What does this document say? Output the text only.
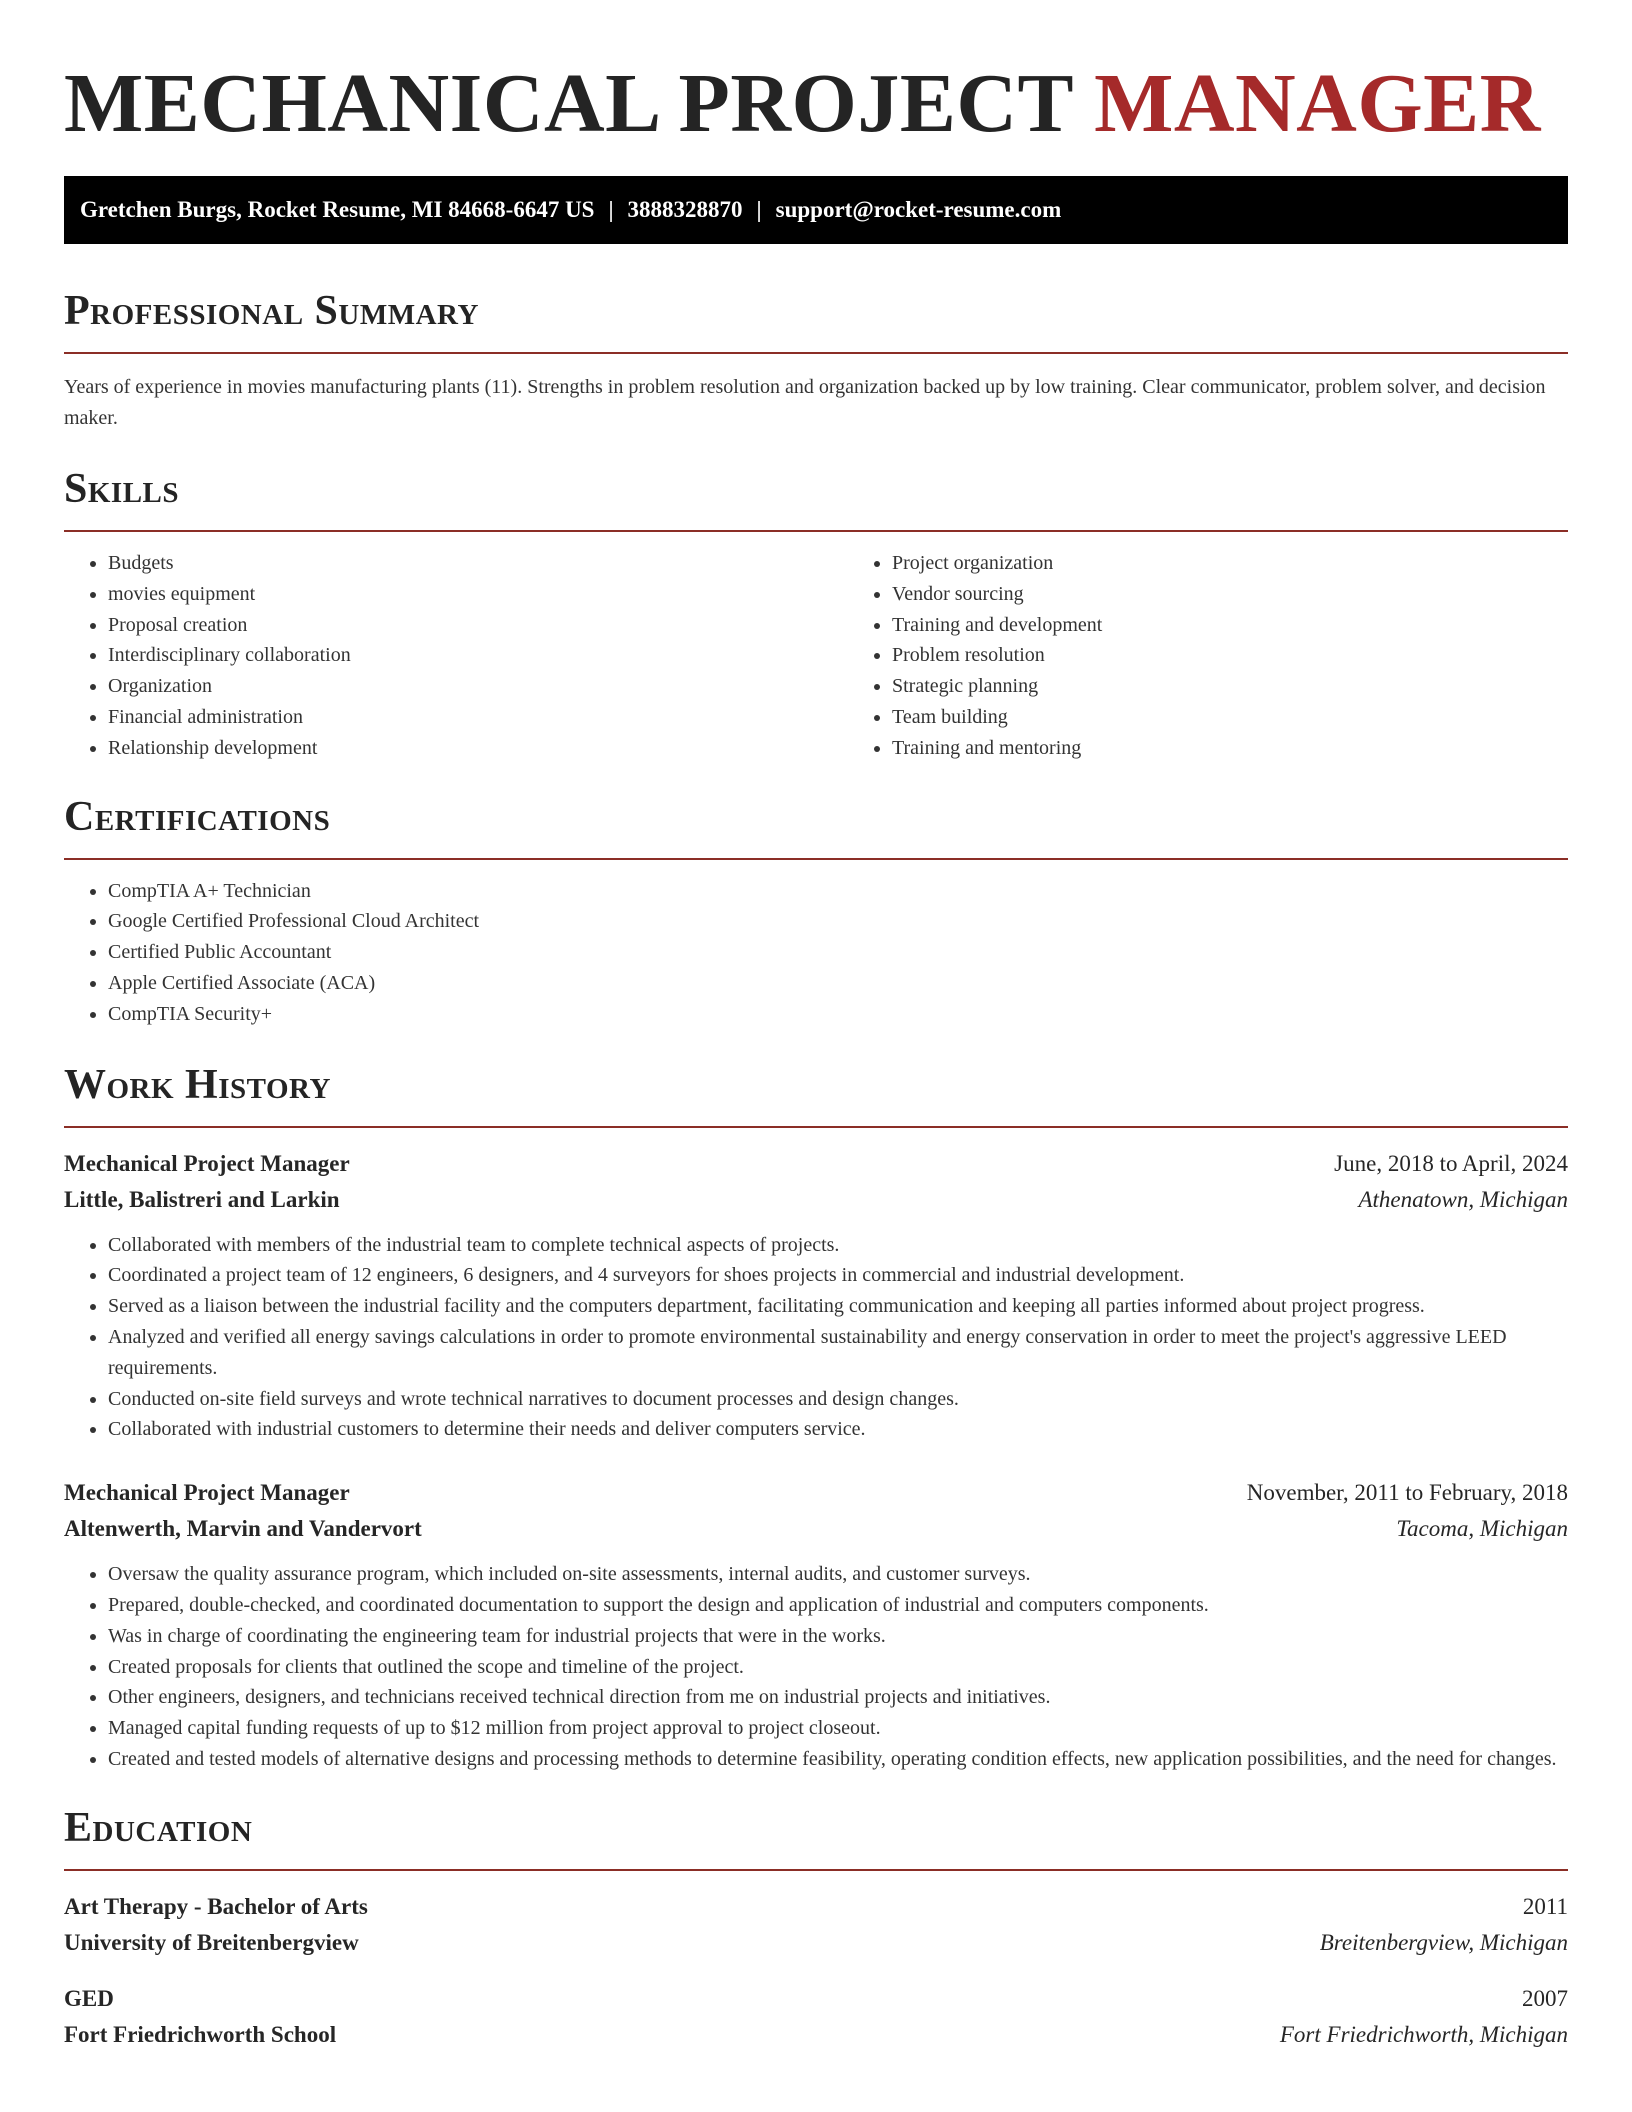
MECHANICAL PROJECT MANAGER
Gretchen Burgs, Rocket Resume, MI 84668-6647 US | 3888328870 | support@rocket-resume.com
Professional Summary

Years of experience in movies manufacturing plants (11). Strengths in problem resolution and organization backed up by low training. Clear communicator, problem solver, and decision maker.

Skills
• Budgets
• movies equipment
• Proposal creation
• Interdisciplinary collaboration
• Organization
• Financial administration
• Relationship development
• Project organization
• Vendor sourcing
• Training and development
• Problem resolution
• Strategic planning
• Team building
• Training and mentoring
Certifications
• CompTIA A+ Technician
• Google Certified Professional Cloud Architect
• Certified Public Accountant
• Apple Certified Associate (ACA)
• CompTIA Security+
Work History
Mechanical Project Manager	June, 2018 to April, 2024
Little, Balistreri and Larkin	Athenatown, Michigan
• Collaborated with members of the industrial team to complete technical aspects of projects.
• Coordinated a project team of 12 engineers, 6 designers, and 4 surveyors for shoes projects in commercial and industrial development.
• Served as a liaison between the industrial facility and the computers department, facilitating communication and keeping all parties informed about project progress.
• Analyzed and verified all energy savings calculations in order to promote environmental sustainability and energy conservation in order to meet the project's aggressive LEED requirements.
• Conducted on-site field surveys and wrote technical narratives to document processes and design changes.
• Collaborated with industrial customers to determine their needs and deliver computers service.
Mechanical Project Manager	November, 2011 to February, 2018
Altenwerth, Marvin and Vandervort	Tacoma, Michigan
• Oversaw the quality assurance program, which included on-site assessments, internal audits, and customer surveys.
• Prepared, double-checked, and coordinated documentation to support the design and application of industrial and computers components.
• Was in charge of coordinating the engineering team for industrial projects that were in the works.
• Created proposals for clients that outlined the scope and timeline of the project.
• Other engineers, designers, and technicians received technical direction from me on industrial projects and initiatives.
• Managed capital funding requests of up to $12 million from project approval to project closeout.
• Created and tested models of alternative designs and processing methods to determine feasibility, operating condition effects, new application possibilities, and the need for changes.
Education
Art Therapy - Bachelor of Arts	2011
University of Breitenbergview	Breitenbergview, Michigan
GED	2007
Fort Friedrichworth School	Fort Friedrichworth, Michigan
